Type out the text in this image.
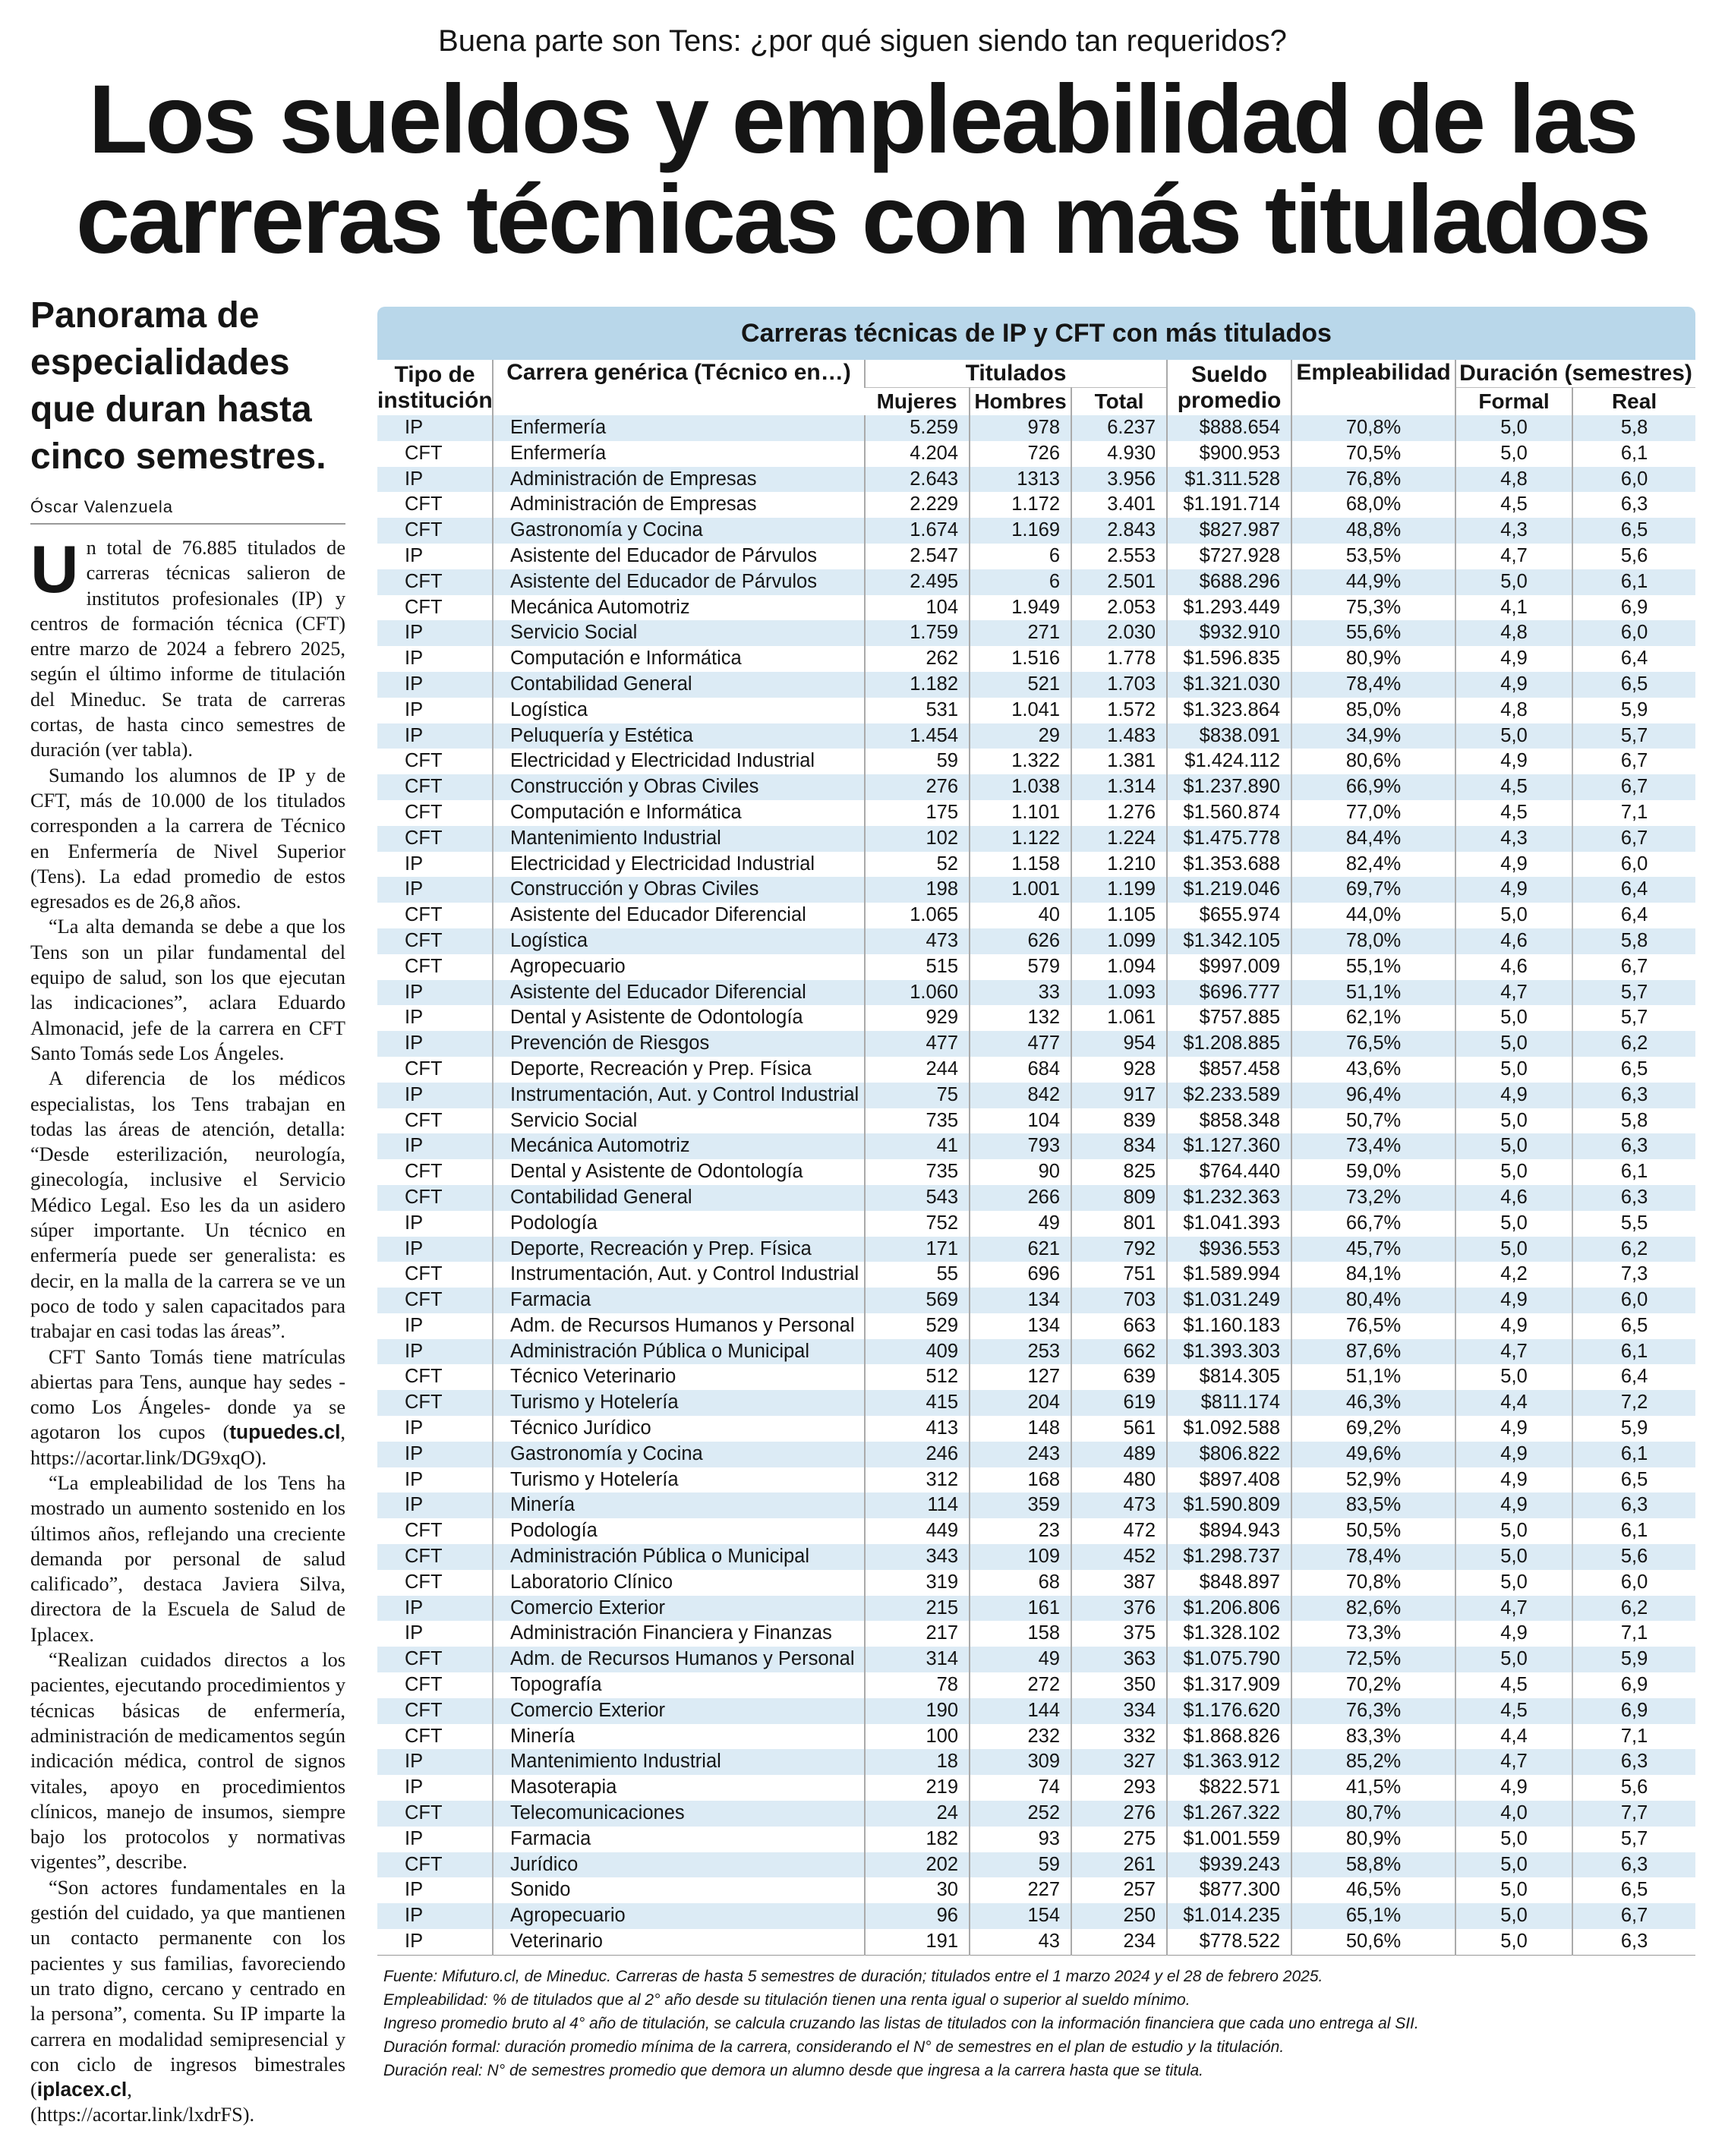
Buena parte son Tens: ¿por qué siguen siendo tan requeridos?
Los sueldos y empleabilidad de las
carreras técnicas con más titulados
Panorama de especialidades que duran hasta cinco semestres.
Óscar Valenzuela

Un total de 76.885 titulados de carreras técnicas salieron de institutos profesionales (IP) y centros de formación técnica (CFT) entre marzo de 2024 a febrero 2025, según el último informe de titulación del Mineduc. Se trata de carreras cortas, de hasta cinco semestres de duración (ver tabla).

Sumando los alumnos de IP y de CFT, más de 10.000 de los titulados corresponden a la carrera de Técnico en Enfermería de Nivel Superior (Tens). La edad promedio de estos egresados es de 26,8 años.

“La alta demanda se debe a que los Tens son un pilar fundamental del equipo de salud, son los que ejecutan las indicaciones”, aclara Eduardo Almonacid, jefe de la carrera en CFT Santo Tomás sede Los Ángeles.

A diferencia de los médicos especialistas, los Tens trabajan en todas las áreas de atención, detalla: “Desde esterilización, neurología, ginecología, inclusive el Servicio Médico Legal. Eso les da un asidero súper importante. Un técnico en enfermería puede ser generalista: es decir, en la malla de la carrera se ve un poco de todo y salen capacitados para trabajar en casi todas las áreas”.

CFT Santo Tomás tiene matrículas abiertas para Tens, aunque hay sedes -como Los Ángeles- donde ya se agotaron los cupos (tupuedes.cl, https://acortar.link/DG9xqO).

“La empleabilidad de los Tens ha mostrado un aumento sostenido en los últimos años, reflejando una creciente demanda por personal de salud calificado”, destaca Javiera Silva, directora de la Escuela de Salud de Iplacex.

“Realizan cuidados directos a los pacientes, ejecutando procedimientos y técnicas básicas de enfermería, administración de medicamentos según indicación médica, control de signos vitales, apoyo en procedimientos clínicos, manejo de insumos, siempre bajo los protocolos y normativas vigentes”, describe.

“Son actores fundamentales en la gestión del cuidado, ya que mantienen un contacto permanente con los pacientes y sus familias, favoreciendo un trato digno, cercano y centrado en la persona”, comenta. Su IP imparte la carrera en modalidad semipresencial y con ciclo de ingresos bimestrales (iplacex.cl, (https://acortar.link/lxdrFS).

Carreras técnicas de IP y CFT con más titulados
Tipo de
institución	Carrera genérica (Técnico en…)	Titulados			Sueldo
promedio	Empleabilidad	Duración (semestres)	
		Mujeres	Hombres	Total			Formal	Real
IP	Enfermería	5.259	978	6.237	$888.654	70,8%	5,0	5,8
CFT	Enfermería	4.204	726	4.930	$900.953	70,5%	5,0	6,1
IP	Administración de Empresas	2.643	1313	3.956	$1.311.528	76,8%	4,8	6,0
CFT	Administración de Empresas	2.229	1.172	3.401	$1.191.714	68,0%	4,5	6,3
CFT	Gastronomía y Cocina	1.674	1.169	2.843	$827.987	48,8%	4,3	6,5
IP	Asistente del Educador de Párvulos	2.547	6	2.553	$727.928	53,5%	4,7	5,6
CFT	Asistente del Educador de Párvulos	2.495	6	2.501	$688.296	44,9%	5,0	6,1
CFT	Mecánica Automotriz	104	1.949	2.053	$1.293.449	75,3%	4,1	6,9
IP	Servicio Social	1.759	271	2.030	$932.910	55,6%	4,8	6,0
IP	Computación e Informática	262	1.516	1.778	$1.596.835	80,9%	4,9	6,4
IP	Contabilidad General	1.182	521	1.703	$1.321.030	78,4%	4,9	6,5
IP	Logística	531	1.041	1.572	$1.323.864	85,0%	4,8	5,9
IP	Peluquería y Estética	1.454	29	1.483	$838.091	34,9%	5,0	5,7
CFT	Electricidad y Electricidad Industrial	59	1.322	1.381	$1.424.112	80,6%	4,9	6,7
CFT	Construcción y Obras Civiles	276	1.038	1.314	$1.237.890	66,9%	4,5	6,7
CFT	Computación e Informática	175	1.101	1.276	$1.560.874	77,0%	4,5	7,1
CFT	Mantenimiento Industrial	102	1.122	1.224	$1.475.778	84,4%	4,3	6,7
IP	Electricidad y Electricidad Industrial	52	1.158	1.210	$1.353.688	82,4%	4,9	6,0
IP	Construcción y Obras Civiles	198	1.001	1.199	$1.219.046	69,7%	4,9	6,4
CFT	Asistente del Educador Diferencial	1.065	40	1.105	$655.974	44,0%	5,0	6,4
CFT	Logística	473	626	1.099	$1.342.105	78,0%	4,6	5,8
CFT	Agropecuario	515	579	1.094	$997.009	55,1%	4,6	6,7
IP	Asistente del Educador Diferencial	1.060	33	1.093	$696.777	51,1%	4,7	5,7
IP	Dental y Asistente de Odontología	929	132	1.061	$757.885	62,1%	5,0	5,7
IP	Prevención de Riesgos	477	477	954	$1.208.885	76,5%	5,0	6,2
CFT	Deporte, Recreación y Prep. Física	244	684	928	$857.458	43,6%	5,0	6,5
IP	Instrumentación, Aut. y Control Industrial	75	842	917	$2.233.589	96,4%	4,9	6,3
CFT	Servicio Social	735	104	839	$858.348	50,7%	5,0	5,8
IP	Mecánica Automotriz	41	793	834	$1.127.360	73,4%	5,0	6,3
CFT	Dental y Asistente de Odontología	735	90	825	$764.440	59,0%	5,0	6,1
CFT	Contabilidad General	543	266	809	$1.232.363	73,2%	4,6	6,3
IP	Podología	752	49	801	$1.041.393	66,7%	5,0	5,5
IP	Deporte, Recreación y Prep. Física	171	621	792	$936.553	45,7%	5,0	6,2
CFT	Instrumentación, Aut. y Control Industrial	55	696	751	$1.589.994	84,1%	4,2	7,3
CFT	Farmacia	569	134	703	$1.031.249	80,4%	4,9	6,0
IP	Adm. de Recursos Humanos y Personal	529	134	663	$1.160.183	76,5%	4,9	6,5
IP	Administración Pública o Municipal	409	253	662	$1.393.303	87,6%	4,7	6,1
CFT	Técnico Veterinario	512	127	639	$814.305	51,1%	5,0	6,4
CFT	Turismo y Hotelería	415	204	619	$811.174	46,3%	4,4	7,2
IP	Técnico Jurídico	413	148	561	$1.092.588	69,2%	4,9	5,9
IP	Gastronomía y Cocina	246	243	489	$806.822	49,6%	4,9	6,1
IP	Turismo y Hotelería	312	168	480	$897.408	52,9%	4,9	6,5
IP	Minería	114	359	473	$1.590.809	83,5%	4,9	6,3
CFT	Podología	449	23	472	$894.943	50,5%	5,0	6,1
CFT	Administración Pública o Municipal	343	109	452	$1.298.737	78,4%	5,0	5,6
CFT	Laboratorio Clínico	319	68	387	$848.897	70,8%	5,0	6,0
IP	Comercio Exterior	215	161	376	$1.206.806	82,6%	4,7	6,2
IP	Administración Financiera y Finanzas	217	158	375	$1.328.102	73,3%	4,9	7,1
CFT	Adm. de Recursos Humanos y Personal	314	49	363	$1.075.790	72,5%	5,0	5,9
CFT	Topografía	78	272	350	$1.317.909	70,2%	4,5	6,9
CFT	Comercio Exterior	190	144	334	$1.176.620	76,3%	4,5	6,9
CFT	Minería	100	232	332	$1.868.826	83,3%	4,4	7,1
IP	Mantenimiento Industrial	18	309	327	$1.363.912	85,2%	4,7	6,3
IP	Masoterapia	219	74	293	$822.571	41,5%	4,9	5,6
CFT	Telecomunicaciones	24	252	276	$1.267.322	80,7%	4,0	7,7
IP	Farmacia	182	93	275	$1.001.559	80,9%	5,0	5,7
CFT	Jurídico	202	59	261	$939.243	58,8%	5,0	6,3
IP	Sonido	30	227	257	$877.300	46,5%	5,0	6,5
IP	Agropecuario	96	154	250	$1.014.235	65,1%	5,0	6,7
IP	Veterinario	191	43	234	$778.522	50,6%	5,0	6,3
Fuente: Mifuturo.cl, de Mineduc. Carreras de hasta 5 semestres de duración; titulados entre el 1 marzo 2024 y el 28 de febrero 2025.
Empleabilidad: % de titulados que al 2° año desde su titulación tienen una renta igual o superior al sueldo mínimo.
Ingreso promedio bruto al 4° año de titulación, se calcula cruzando las listas de titulados con la información financiera que cada uno entrega al SII.
Duración formal: duración promedio mínima de la carrera, considerando el N° de semestres en el plan de estudio y la titulación.
Duración real: N° de semestres promedio que demora un alumno desde que ingresa a la carrera hasta que se titula.
